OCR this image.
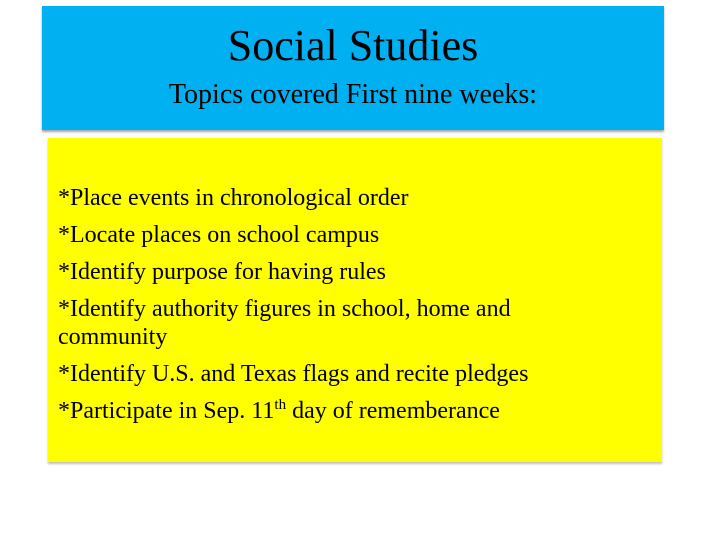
Social Studies
Topics covered First nine weeks:
*Place events in chronological order
*Locate places on school campus
*Identify purpose for having rules
*Identify authority figures in school, home and community
*Identify U.S. and Texas flags and recite pledges
*Participate in Sep. 11th day of rememberance
